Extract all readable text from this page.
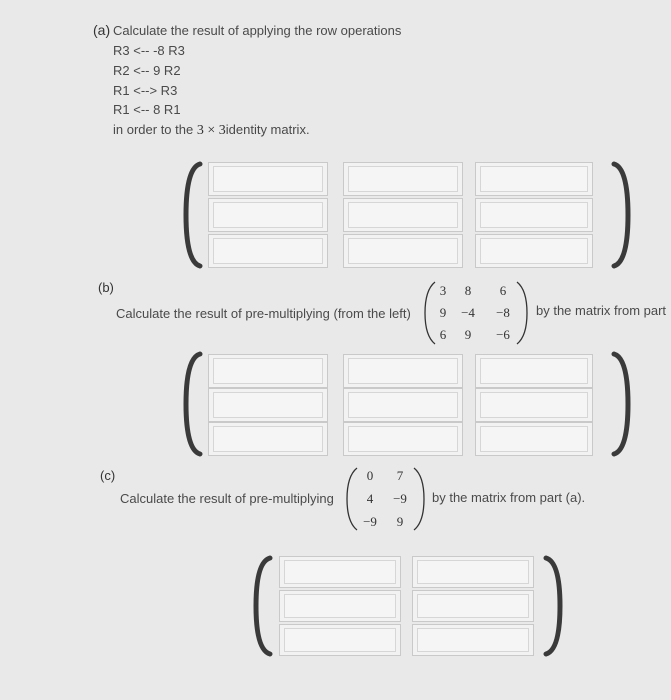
(a) Calculate the result of applying the row operations
R3 <-- -8 R3
R2 <-- 9 R2
R1 <--> R3
R1 <-- 8 R1
in order to the 3 × 3identity matrix.
(b)
Calculate the result of pre-multiplying (from the left)
3	8	6
9	−4	−8
6	9	−6
by the matrix from part
(c)
Calculate the result of pre-multiplying
0	7
4	−9
−9	9
by the matrix from part (a).
